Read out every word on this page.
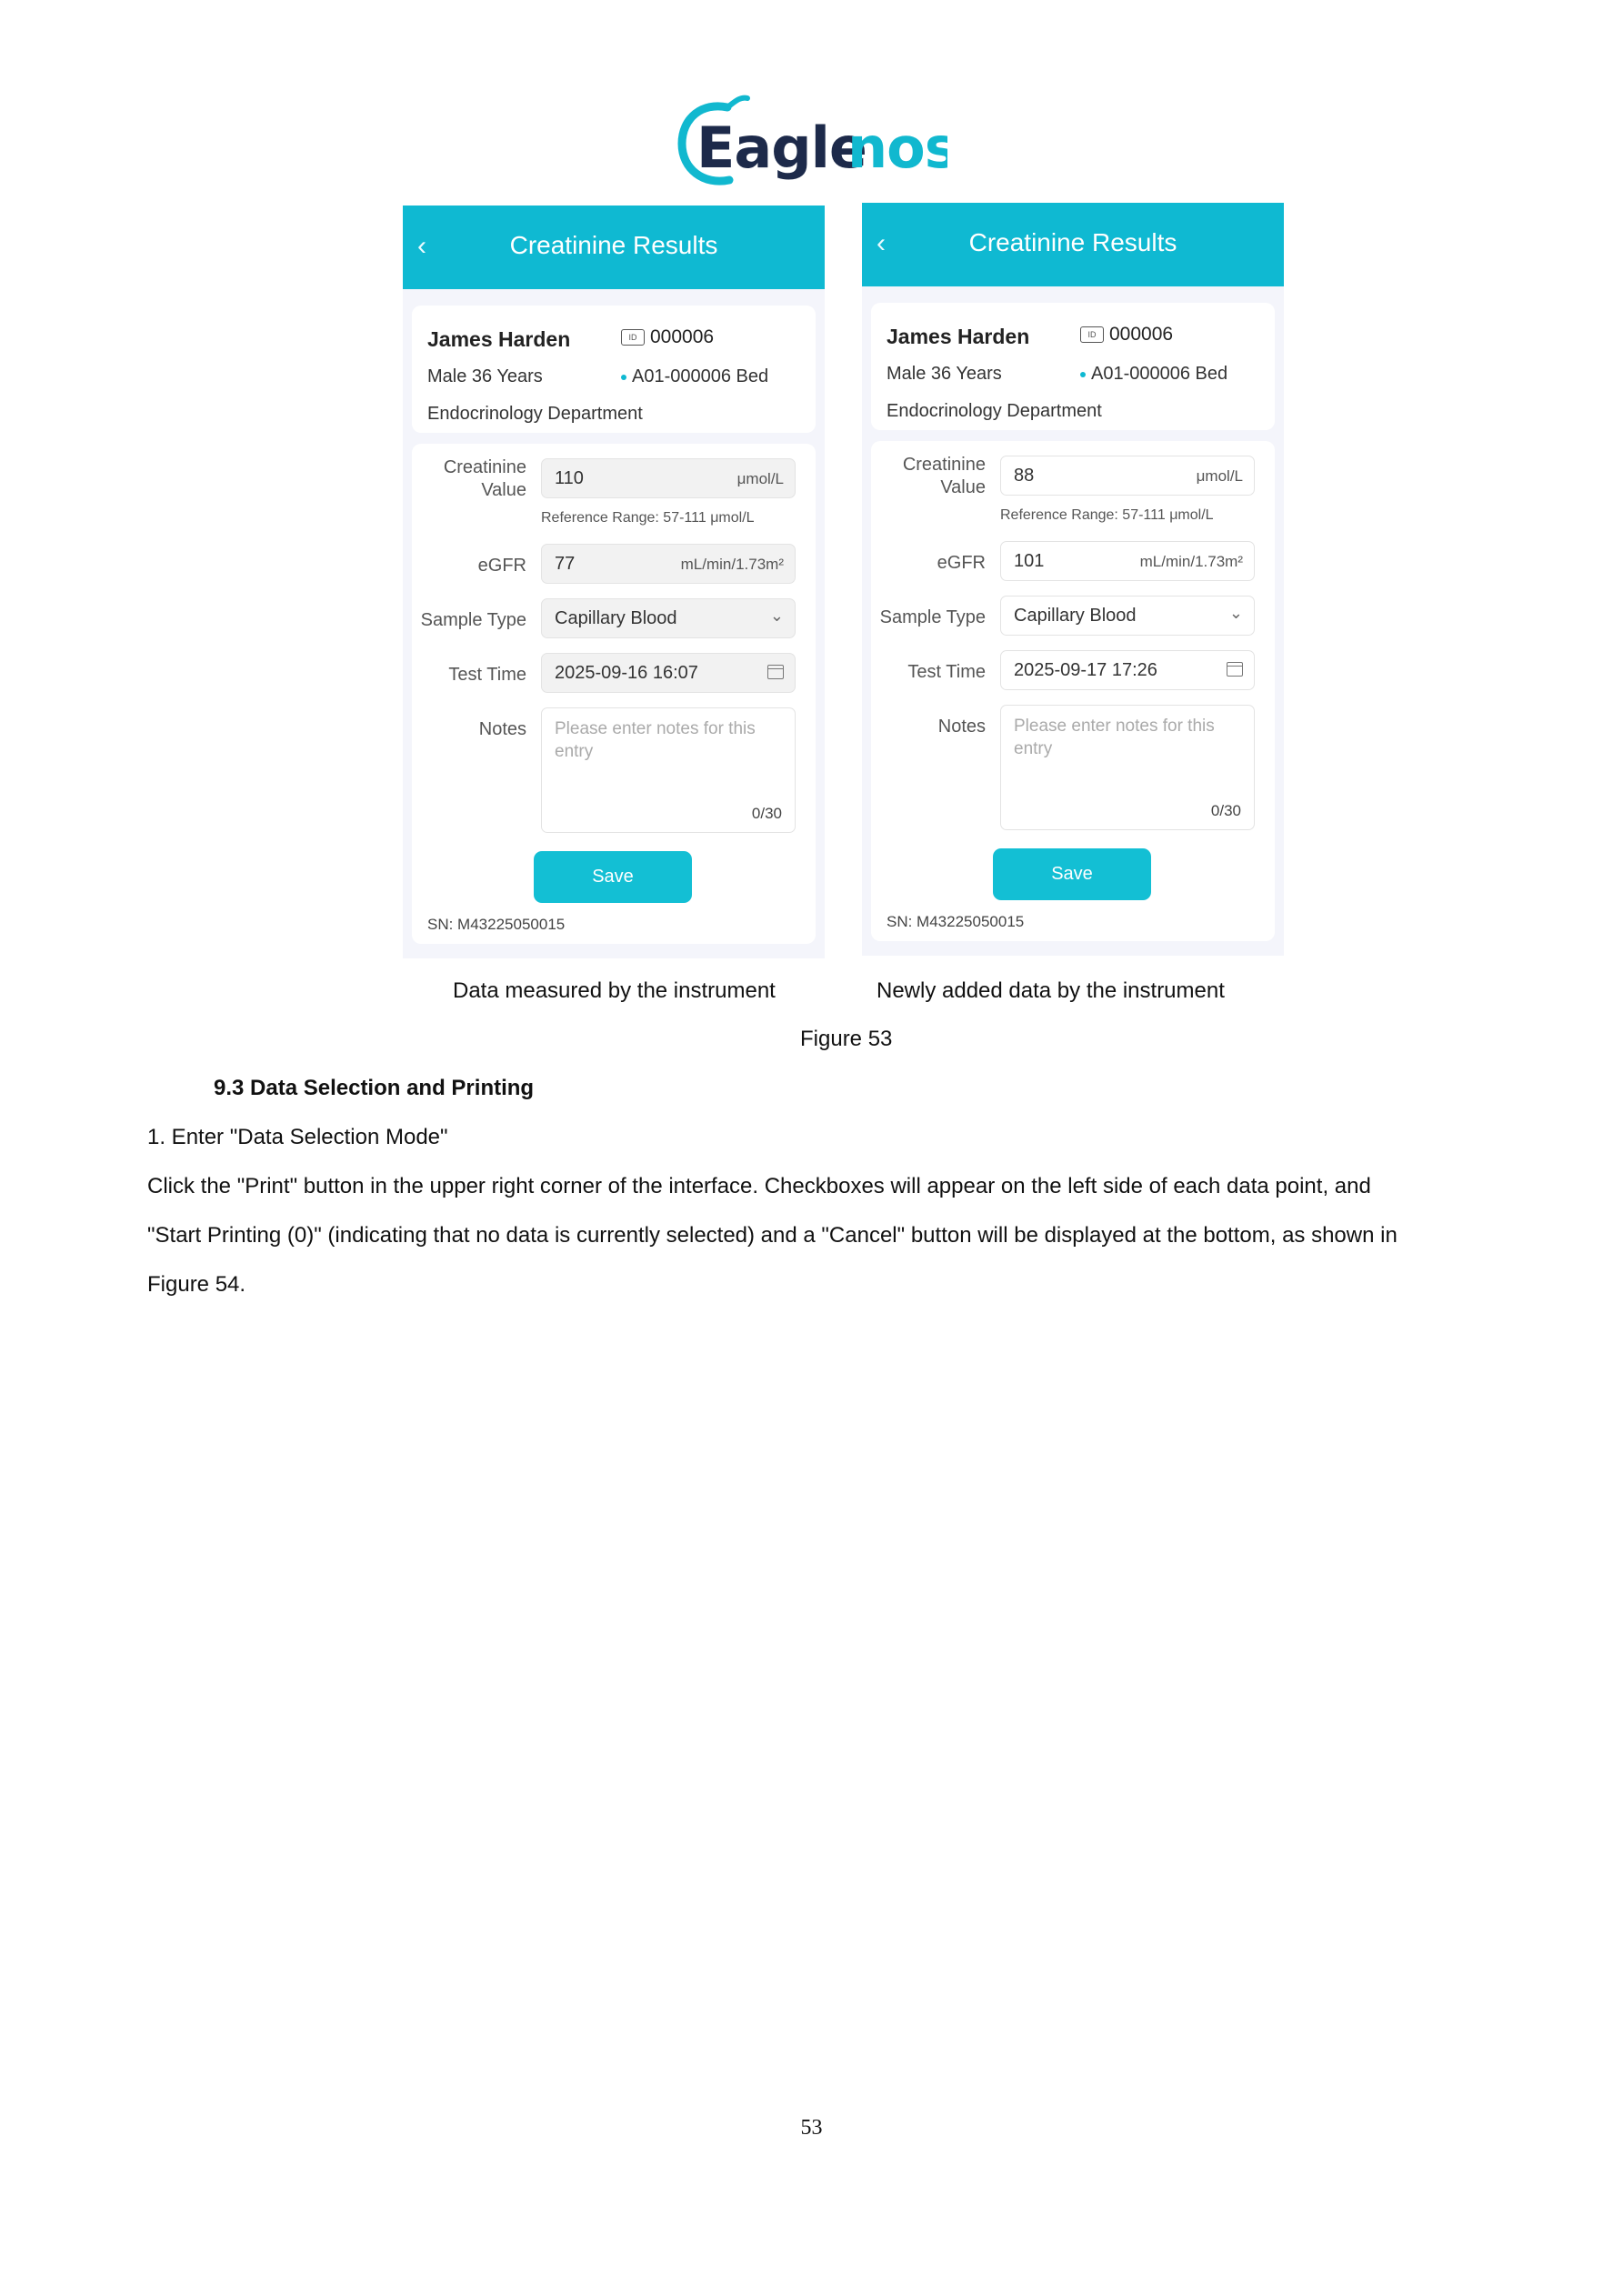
Eagle
nos
‹	Creatinine Results
James Harden	ID 000006
Male 36 Years	A01-000006 Bed
Endocrinology Department
Creatinine
Value
110	μmol/L
Reference Range: 57-111 μmol/L
eGFR 77	mL/min/1.73m²
Sample Type Capillary Blood	⌄
Test Time 2025-09-16 16:07
Notes Please enter notes for this entry
0/30
Save
SN: M43225050015
‹	Creatinine Results
James Harden	ID 000006
Male 36 Years	A01-000006 Bed
Endocrinology Department
Creatinine
Value
88	μmol/L
Reference Range: 57-111 μmol/L
eGFR 101	mL/min/1.73m²
Sample Type Capillary Blood	⌄
Test Time 2025-09-17 17:26
Notes Please enter notes for this entry
0/30
Save
SN: M43225050015
Data measured by the instrument	Newly added data by the instrument
Figure 53
9.3 Data Selection and Printing
1. Enter "Data Selection Mode"
Click the "Print" button in the upper right corner of the interface. Checkboxes will appear on the left side of each data point, and
"Start Printing (0)" (indicating that no data is currently selected) and a "Cancel" button will be displayed at the bottom, as shown in
Figure 54.
53
